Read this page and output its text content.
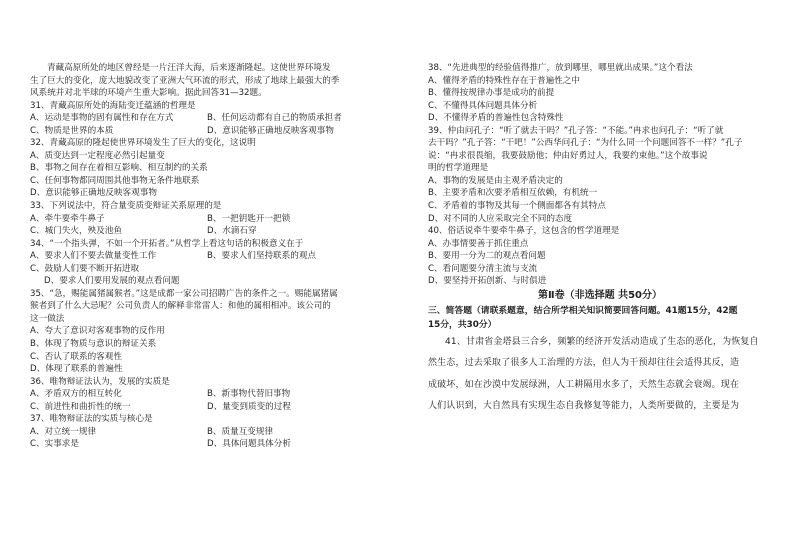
青藏高原所处的地区曾经是一片汪洋大海，后来逐渐隆起。这使世界环境发
生了巨大的变化，庞大地貌改变了亚洲大气环流的形式，形成了地球上最强大的季
风系统并对北半球的环境产生重大影响。据此回答31—32题。
31、青藏高原所处的海陆变迁蕴涵的哲理是
A、运动是事物的固有属性和存在方式	B、任何运动都有自己的物质承担者
C、物质是世界的本质	D、意识能够正确地反映客观事物
32、青藏高原的隆起使世界环境发生了巨大的变化，这说明
A、质变达到一定程度必然引起量变
B、事物之间存在着相互影响、相互制约的关系
C、任何事物都同周围其他事物无条件地联系
D、意识能够正确地反映客观事物
33、下列说法中，符合量变质变辩证关系原理的是
A、牵牛要牵牛鼻子	B、一把钥匙开一把锁
C、城门失火，殃及池鱼	D、水滴石穿
34、“一个指头弹，不如一个开拓者。”从哲学上看这句话的积极意义在于
A、要求人们不要去做量变性工作	B、要求人们坚持联系的观点
C、鼓励人们要不断开拓进取
D、要求人们要用发展的观点看问题
35、“急，赐能属猪属猴者。”这是成都一家公司招聘广告的条件之一。赐能属猪属
猴者到了什么大忌呢？公司负责人的解释非常雷人：和他的属相相冲。该公司的
这一做法
A、夸大了意识对客观事物的反作用
B、体现了物质与意识的辩证关系
C、否认了联系的客观性
D、体现了联系的普遍性
36、唯物辩证法认为，发展的实质是
A、矛盾双方的相互转化	B、新事物代替旧事物
C、前进性和曲折性的统一	D、量变到质变的过程
37、唯物辩证法的实质与核心是
A、对立统一规律	B、质量互变规律
C、实事求是	D、具体问题具体分析
38、“先进典型的经验值得推广，放到哪里，哪里就出成果。”这个看法
A、懂得矛盾的特殊性存在于普遍性之中
B、懂得按规律办事是成功的前提
C、不懂得具体问题具体分析
D、不懂得矛盾的普遍性包含特殊性
39、仲由问孔子：“听了就去干吗？”孔子答：“不能。”冉求也问孔子：“听了就
去干吗？”孔子答：“干吧！”公西华问孔子：“为什么同一个问题回答不一样？”孔子
说：“冉求很畏缩，我要鼓励他；仲由好勇过人，我要约束他。”这个故事说
明的哲学道理是
A、事物的发展是由主观矛盾决定的
B、主要矛盾和次要矛盾相互依赖，有机统一
C、矛盾着的事物及其每一个侧面都各有其特点
D、对不同的人应采取完全不同的态度
40、俗话说牵牛要牵牛鼻子，这包含的哲学道理是
A、办事情要善于抓住重点
B、要用一分为二的观点看问题
C、看问题要分清主流与支流
D、要坚持开拓创新、与时俱进
第Ⅱ卷（非选择题 共50分）
三、简答题（请联系题意，结合所学相关知识简要回答问题。41题15分，42题
15分，共30分）
41、甘肃省金塔县三合乡，频繁的经济开发活动造成了生态的恶化，为恢复自
然生态，过去采取了很多人工治理的方法，但人为干预却往往会适得其反，造
成破坏，如在沙漠中发展绿洲，人工耕隔用水多了，天然生态就会衰竭。现在
人们认识到，大自然具有实现生态自我修复等能力，人类所要做的，主要是为
